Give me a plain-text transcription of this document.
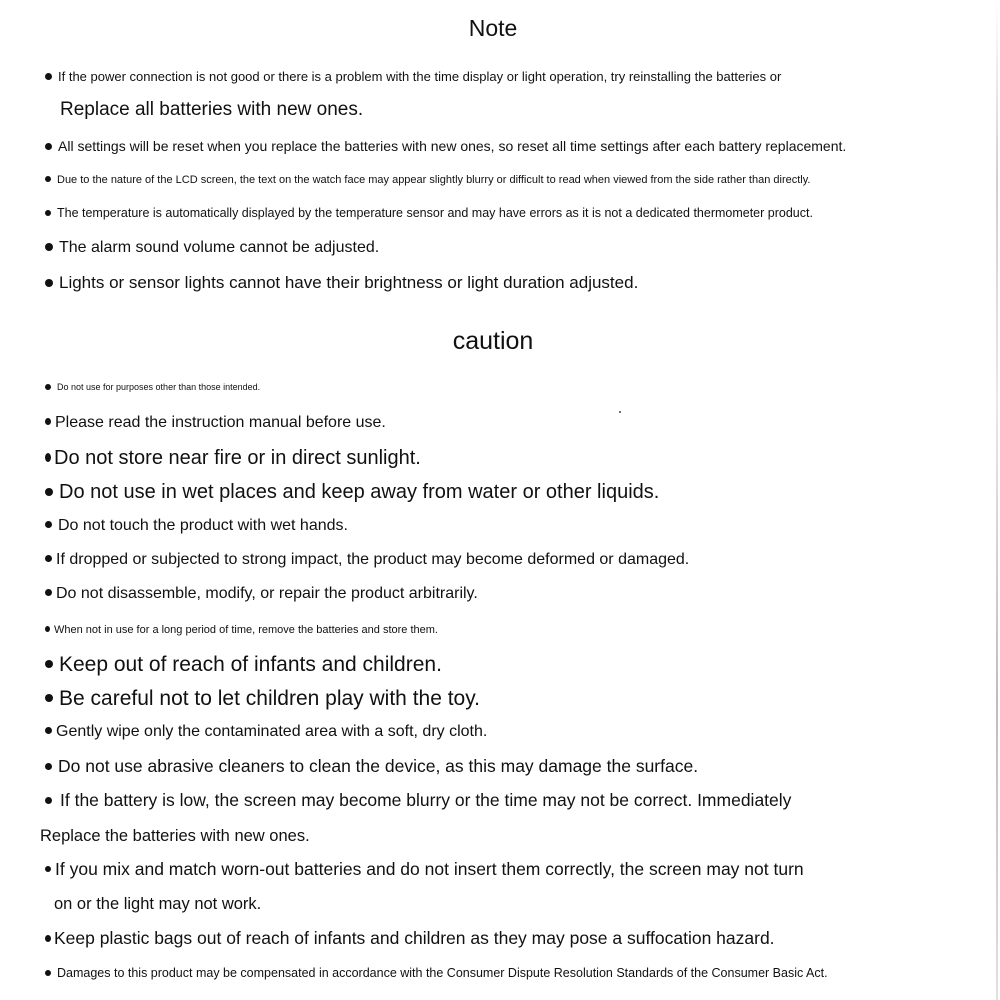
Note
If the power connection is not good or there is a problem with the time display or light operation, try reinstalling the batteries or
Replace all batteries with new ones.
All settings will be reset when you replace the batteries with new ones, so reset all time settings after each battery replacement.
Due to the nature of the LCD screen, the text on the watch face may appear slightly blurry or difficult to read when viewed from the side rather than directly.
The temperature is automatically displayed by the temperature sensor and may have errors as it is not a dedicated thermometer product.
The alarm sound volume cannot be adjusted.
Lights or sensor lights cannot have their brightness or light duration adjusted.
caution
Do not use for purposes other than those intended.
Please read the instruction manual before use.
Do not store near fire or in direct sunlight.
Do not use in wet places and keep away from water or other liquids.
Do not touch the product with wet hands.
If dropped or subjected to strong impact, the product may become deformed or damaged.
Do not disassemble, modify, or repair the product arbitrarily.
When not in use for a long period of time, remove the batteries and store them.
Keep out of reach of infants and children.
Be careful not to let children play with the toy.
Gently wipe only the contaminated area with a soft, dry cloth.
Do not use abrasive cleaners to clean the device, as this may damage the surface.
If the battery is low, the screen may become blurry or the time may not be correct. Immediately
Replace the batteries with new ones.
If you mix and match worn-out batteries and do not insert them correctly, the screen may not turn
on or the light may not work.
Keep plastic bags out of reach of infants and children as they may pose a suffocation hazard.
Damages to this product may be compensated in accordance with the Consumer Dispute Resolution Standards of the Consumer Basic Act.
